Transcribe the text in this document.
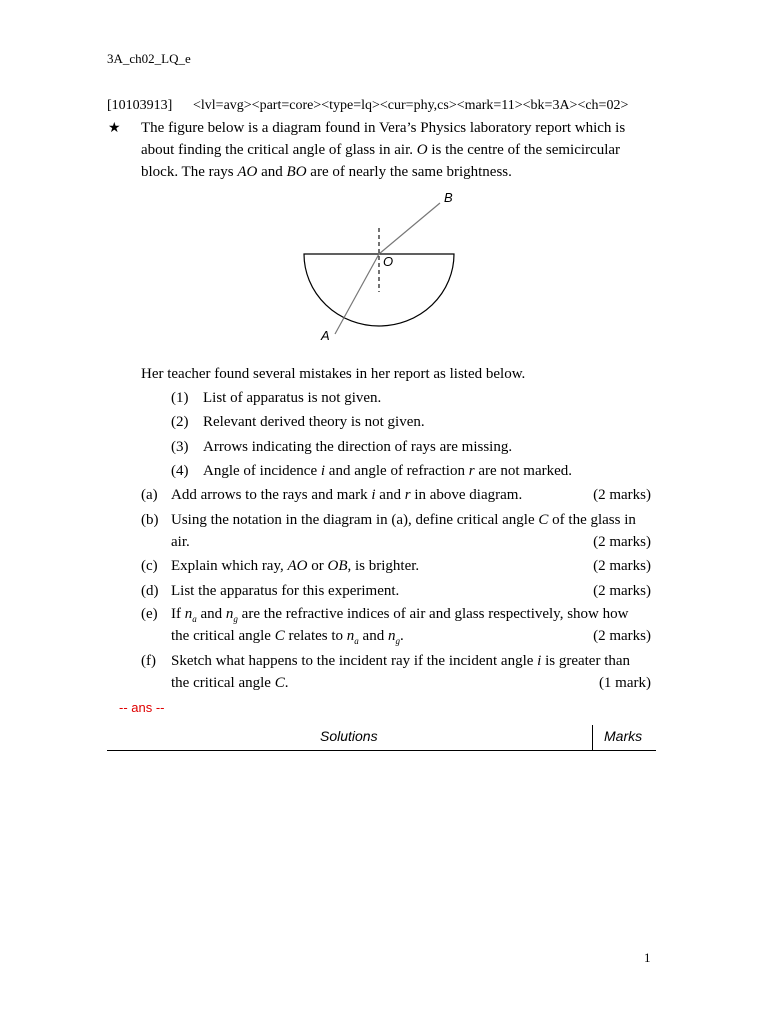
3A_ch02_LQ_e
[10103913] <lvl=avg><part=core><type=lq><cur=phy,cs><mark=11><bk=3A><ch=02>
★ The figure below is a diagram found in Vera’s Physics laboratory report which is
about finding the critical angle of glass in air. O is the centre of the semicircular
block. The rays AO and BO are of nearly the same brightness.
B
O
A
Her teacher found several mistakes in her report as listed below.
(1) List of apparatus is not given.
(2) Relevant derived theory is not given.
(3) Arrows indicating the direction of rays are missing.
(4) Angle of incidence i and angle of refraction r are not marked.
(a) Add arrows to the rays and mark i and r in above diagram.	(2 marks)
(b) Using the notation in the diagram in (a), define critical angle C of the glass in
air.	(2 marks)
(c) Explain which ray, AO or OB, is brighter.	(2 marks)
(d) List the apparatus for this experiment.	(2 marks)
(e) If $n_a$ and $n_g$ are the refractive indices of air and glass respectively, show how
the critical angle C relates to $n_a$ and $n_g$.	(2 marks)
(f) Sketch what happens to the incident ray if the incident angle i is greater than
the critical angle C.	(1 mark)
-- ans --
Solutions	Marks
1
